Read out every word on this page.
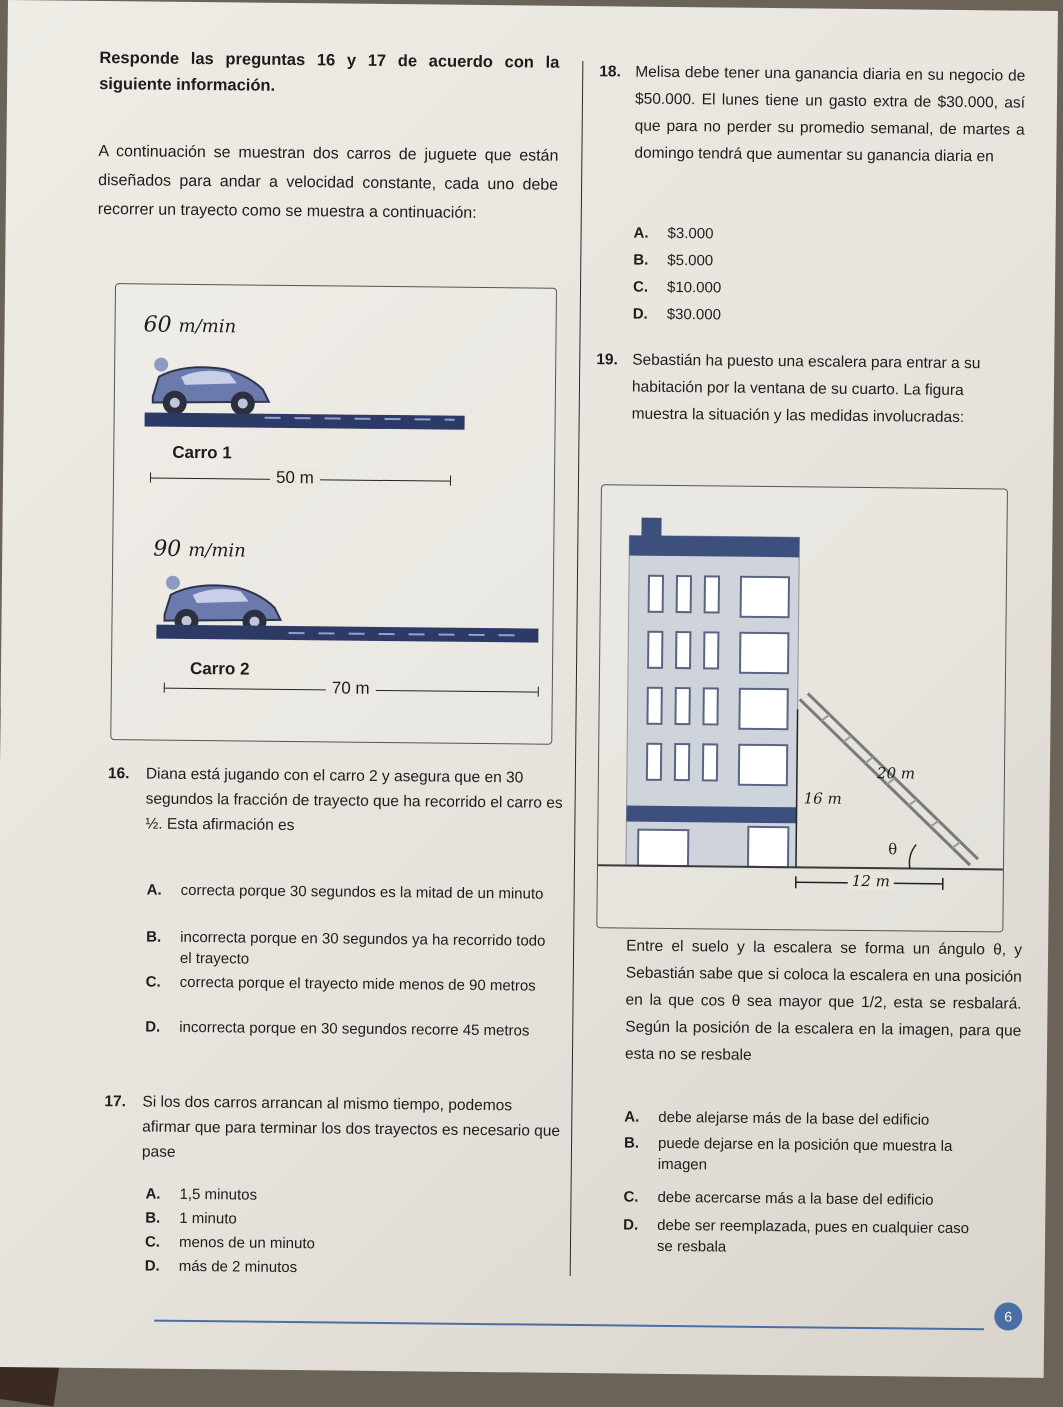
Responde las preguntas 16 y 17 de acuerdo con la siguiente información.

A continuación se muestran dos carros de juguete que están diseñados para andar a velocidad constante, cada uno debe recorrer un trayecto como se muestra a continuación:

60 m/min
Carro 1
50 m
90 m/min
Carro 2
70 m
16. Diana está jugando con el carro 2 y asegura que en 30 segundos la fracción de trayecto que ha recorrido el carro es ½. Esta afirmación es
A. correcta porque 30 segundos es la mitad de un minuto
B. incorrecta porque en 30 segundos ya ha recorrido todo el trayecto
C. correcta porque el trayecto mide menos de 90 metros
D. incorrecta porque en 30 segundos recorre 45 metros
17. Si los dos carros arrancan al mismo tiempo, podemos afirmar que para terminar los dos trayectos es necesario que pase
A. 1,5 minutos
B. 1 minuto
C. menos de un minuto
D. más de 2 minutos
18. Melisa debe tener una ganancia diaria en su negocio de $50.000. El lunes tiene un gasto extra de $30.000, así que para no perder su promedio semanal, de martes a domingo tendrá que aumentar su ganancia diaria en
A. $3.000
B. $5.000
C. $10.000
D. $30.000
19. Sebastián ha puesto una escalera para entrar a su habitación por la ventana de su cuarto. La figura muestra la situación y las medidas involucradas:
20 m
16 m
12 m
θ

Entre el suelo y la escalera se forma un ángulo θ, y Sebastián sabe que si coloca la escalera en una posición en la que cos θ sea mayor que 1/2, esta se resbalará. Según la posición de la escalera en la imagen, para que esta no se resbale

A. debe alejarse más de la base del edificio
B. puede dejarse en la posición que muestra la imagen
C. debe acercarse más a la base del edificio
D. debe ser reemplazada, pues en cualquier caso se resbala
6
